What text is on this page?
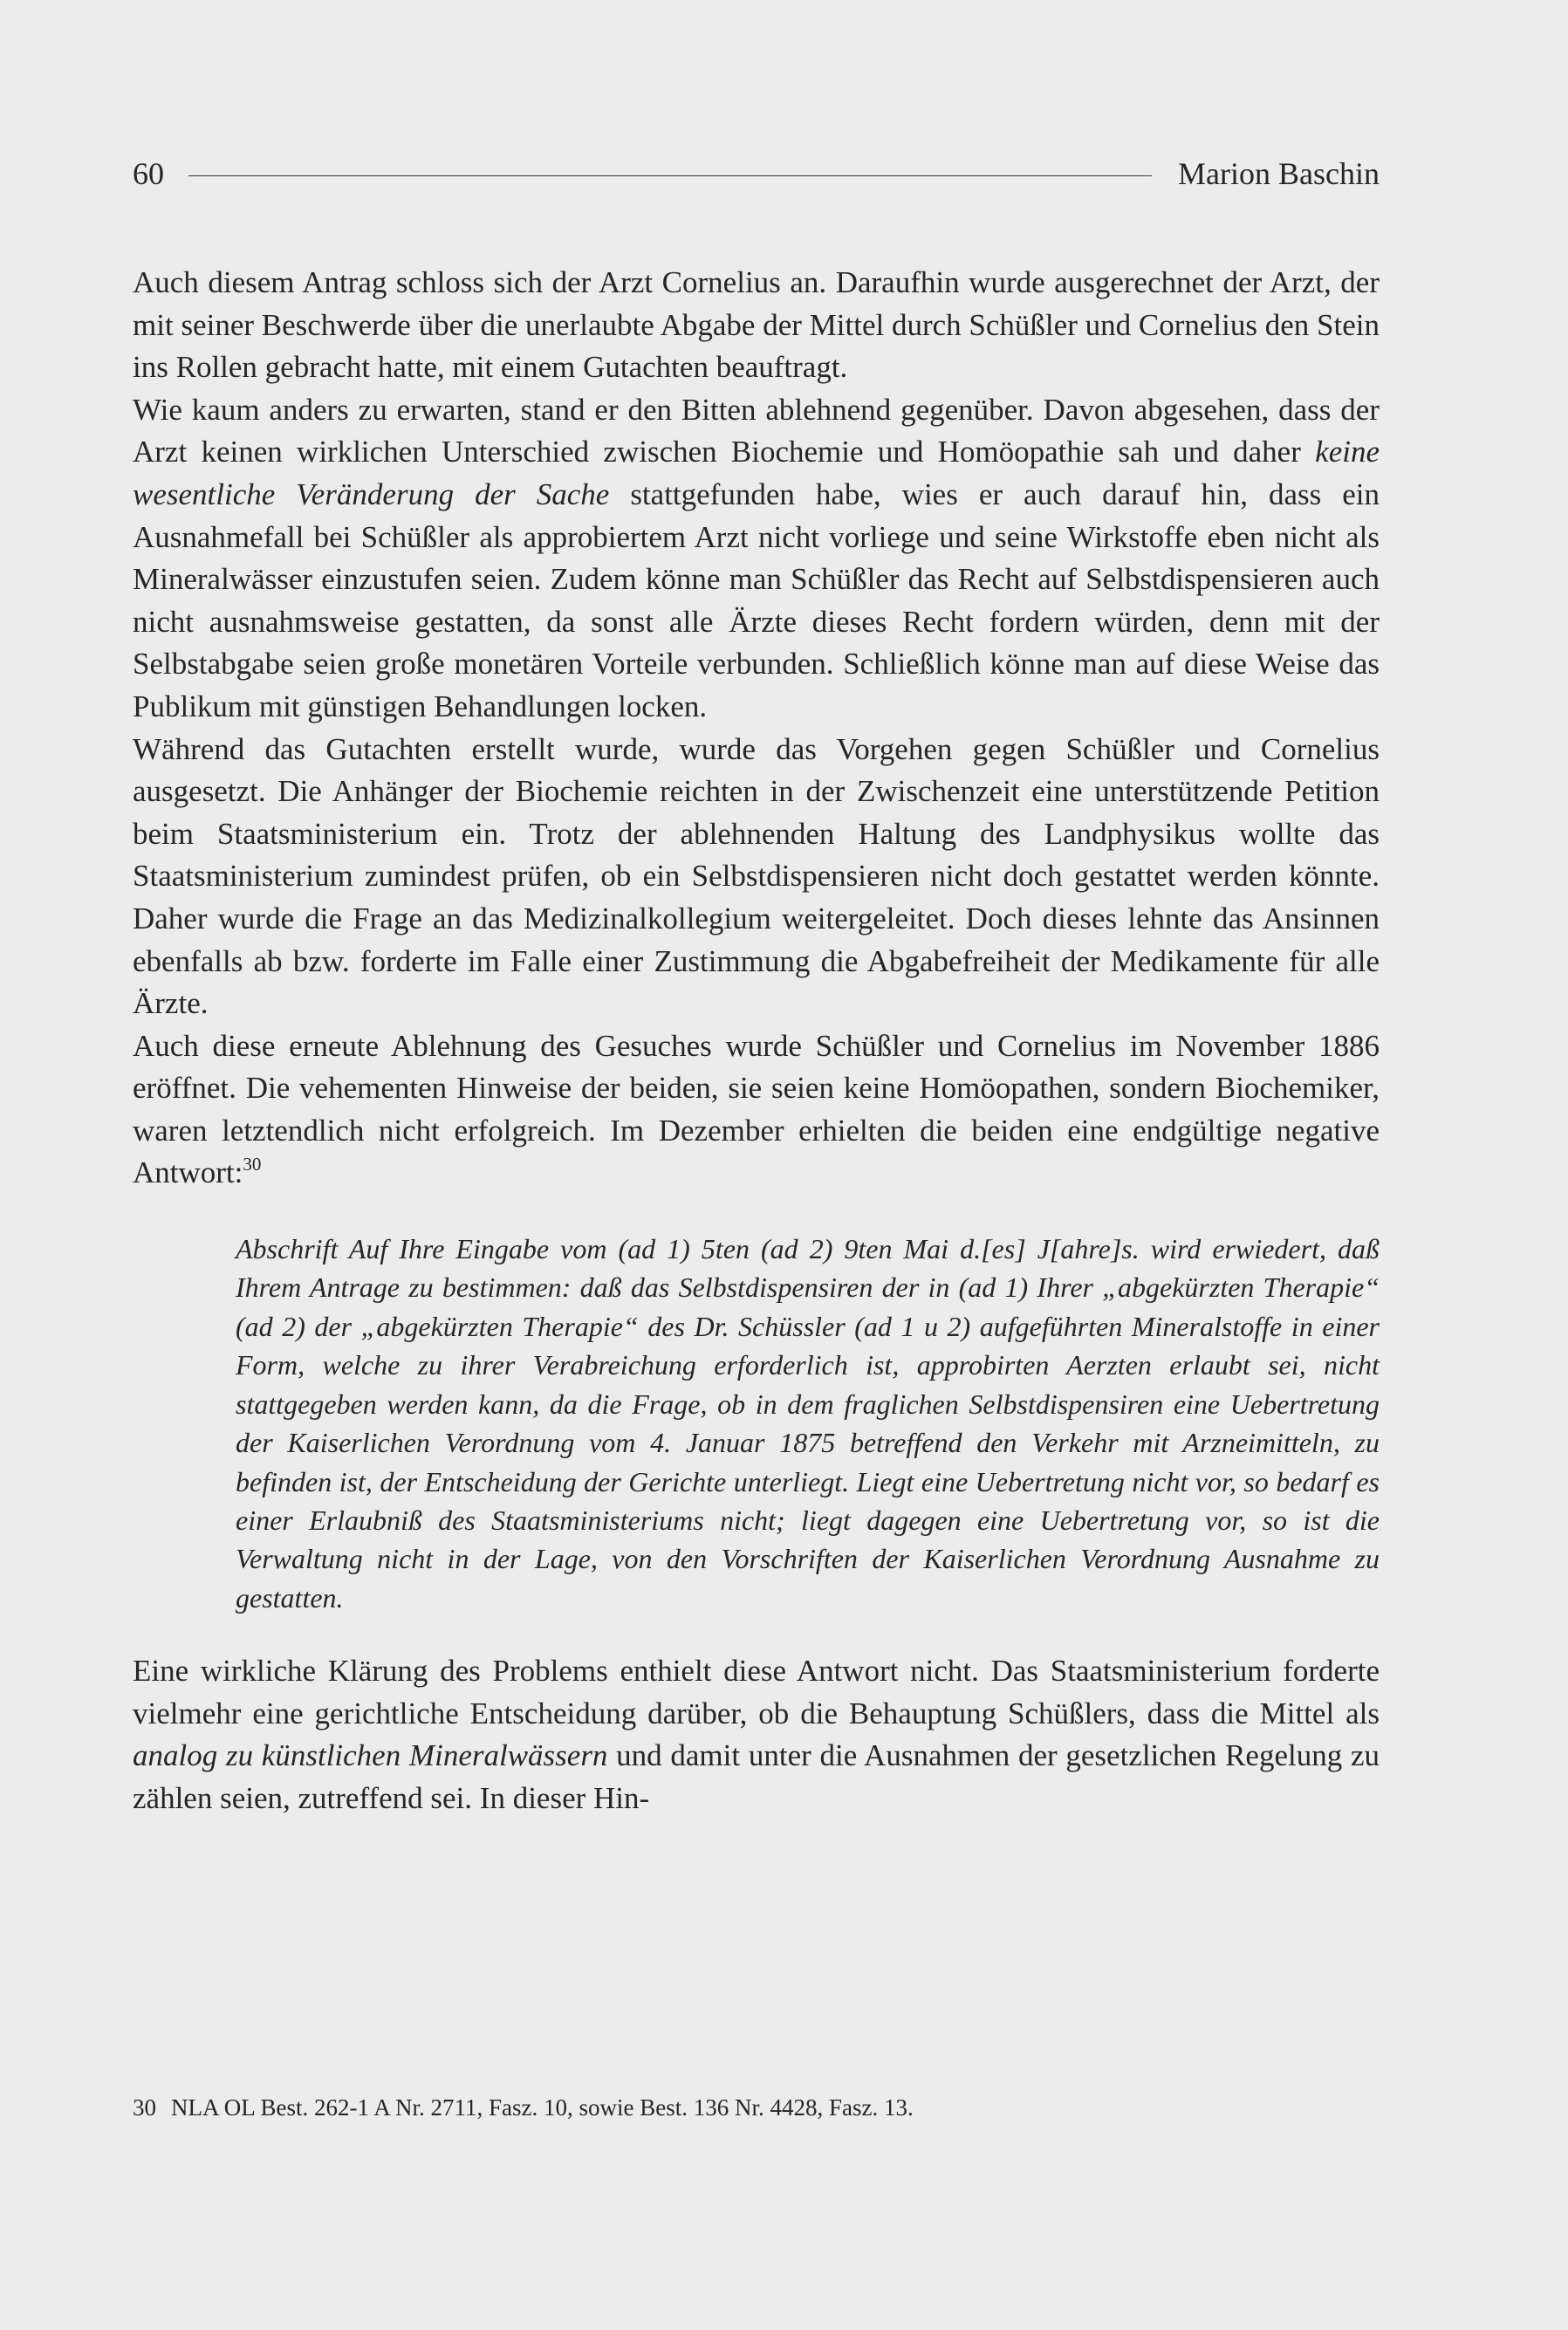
60	Marion Baschin

Auch diesem Antrag schloss sich der Arzt Cornelius an. Daraufhin wurde ausgerechnet der Arzt, der mit seiner Beschwerde über die unerlaubte Abgabe der Mittel durch Schüßler und Cornelius den Stein ins Rollen gebracht hatte, mit einem Gutachten beauftragt.

Wie kaum anders zu erwarten, stand er den Bitten ablehnend gegenüber. Davon abgesehen, dass der Arzt keinen wirklichen Unterschied zwischen Biochemie und Homöopathie sah und daher keine wesentliche Veränderung der Sache stattgefunden habe, wies er auch darauf hin, dass ein Ausnahmefall bei Schüßler als approbiertem Arzt nicht vorliege und seine Wirkstoffe eben nicht als Mineralwässer einzustufen seien. Zudem könne man Schüßler das Recht auf Selbstdispensieren auch nicht ausnahmsweise gestatten, da sonst alle Ärzte dieses Recht fordern würden, denn mit der Selbstabgabe seien große monetären Vorteile verbunden. Schließlich könne man auf diese Weise das Publikum mit günstigen Behandlungen locken.

Während das Gutachten erstellt wurde, wurde das Vorgehen gegen Schüßler und Cornelius ausgesetzt. Die Anhänger der Biochemie reichten in der Zwischenzeit eine unterstützende Petition beim Staatsministerium ein. Trotz der ablehnenden Haltung des Landphysikus wollte das Staatsministerium zumindest prüfen, ob ein Selbstdispensieren nicht doch gestattet werden könnte. Daher wurde die Frage an das Medizinalkollegium weitergeleitet. Doch dieses lehnte das Ansinnen ebenfalls ab bzw. forderte im Falle einer Zustimmung die Abgabefreiheit der Medikamente für alle Ärzte.

Auch diese erneute Ablehnung des Gesuches wurde Schüßler und Cornelius im November 1886 eröffnet. Die vehementen Hinweise der beiden, sie seien keine Homöopathen, sondern Biochemiker, waren letztendlich nicht erfolgreich. Im Dezember erhielten die beiden eine endgültige negative Antwort:$^{30}$

Abschrift Auf Ihre Eingabe vom (ad 1) 5ten (ad 2) 9ten Mai d.[es] J[ahre]s. wird erwiedert, daß Ihrem Antrage zu bestimmen: daß das Selbstdispensiren der in (ad 1) Ihrer „abgekürzten Therapie“ (ad 2) der „abgekürzten Therapie“ des Dr. Schüssler (ad 1 u 2) aufgeführten Mineralstoffe in einer Form, welche zu ihrer Verabreichung erforderlich ist, approbirten Aerzten erlaubt sei, nicht stattgegeben werden kann, da die Frage, ob in dem fraglichen Selbstdispensiren eine Uebertretung der Kaiserlichen Verordnung vom 4. Januar 1875 betreffend den Verkehr mit Arzneimitteln, zu befinden ist, der Entscheidung der Gerichte unterliegt. Liegt eine Uebertretung nicht vor, so bedarf es einer Erlaubniß des Staatsministeriums nicht; liegt dagegen eine Uebertretung vor, so ist die Verwaltung nicht in der Lage, von den Vorschriften der Kaiserlichen Verordnung Ausnahme zu gestatten.

Eine wirkliche Klärung des Problems enthielt diese Antwort nicht. Das Staatsministerium forderte vielmehr eine gerichtliche Entscheidung darüber, ob die Behauptung Schüßlers, dass die Mittel als analog zu künstlichen Mineralwässern und damit unter die Ausnahmen der gesetzlichen Regelung zu zählen seien, zutreffend sei. In dieser Hin-

30 NLA OL Best. 262-1 A Nr. 2711, Fasz. 10, sowie Best. 136 Nr. 4428, Fasz. 13.
